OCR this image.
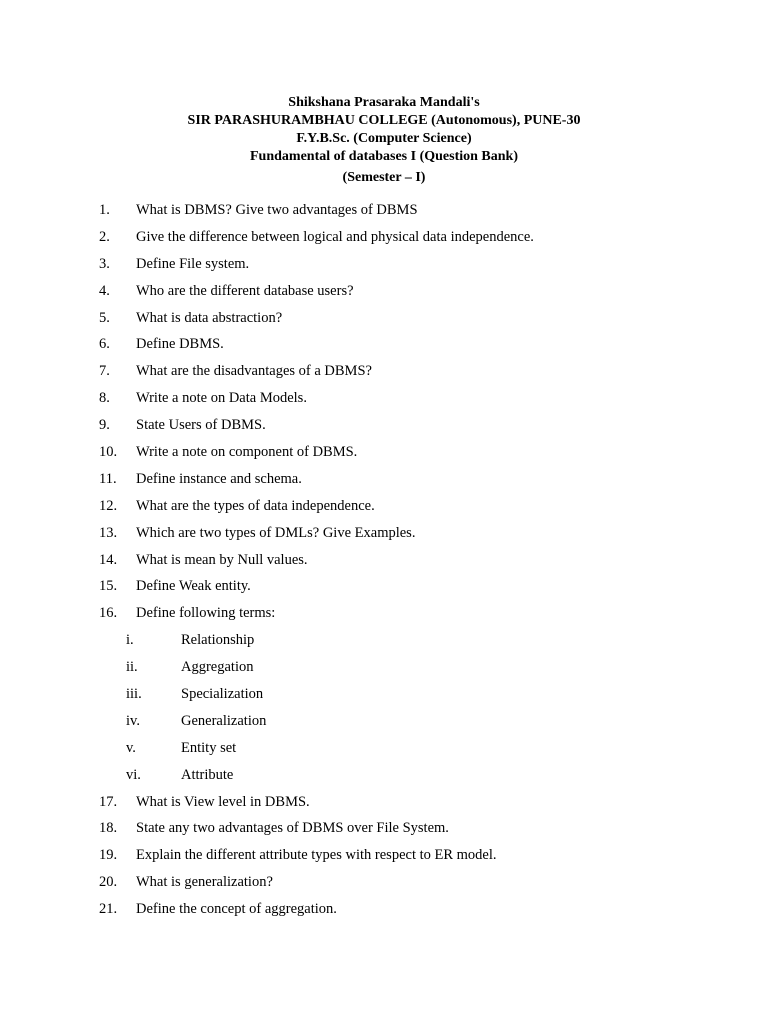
Shikshana Prasaraka Mandali's
SIR PARASHURAMBHAU COLLEGE (Autonomous), PUNE-30
F.Y.B.Sc. (Computer Science)
Fundamental of databases I (Question Bank)
(Semester – I)
1. What is DBMS? Give two advantages of DBMS
2. Give the difference between logical and physical data independence.
3. Define File system.
4. Who are the different database users?
5. What is data abstraction?
6. Define DBMS.
7. What are the disadvantages of a DBMS?
8. Write a note on Data Models.
9. State Users of DBMS.
10. Write a note on component of DBMS.
11. Define instance and schema.
12. What are the types of data independence.
13. Which are two types of DMLs? Give Examples.
14. What is mean by Null values.
15. Define Weak entity.
16. Define following terms:
i.	Relationship
ii.	Aggregation
iii.	Specialization
iv.	Generalization
v.	Entity set
vi.	Attribute
17. What is View level in DBMS.
18. State any two advantages of DBMS over File System.
19. Explain the different attribute types with respect to ER model.
20. What is generalization?
21. Define the concept of aggregation.
